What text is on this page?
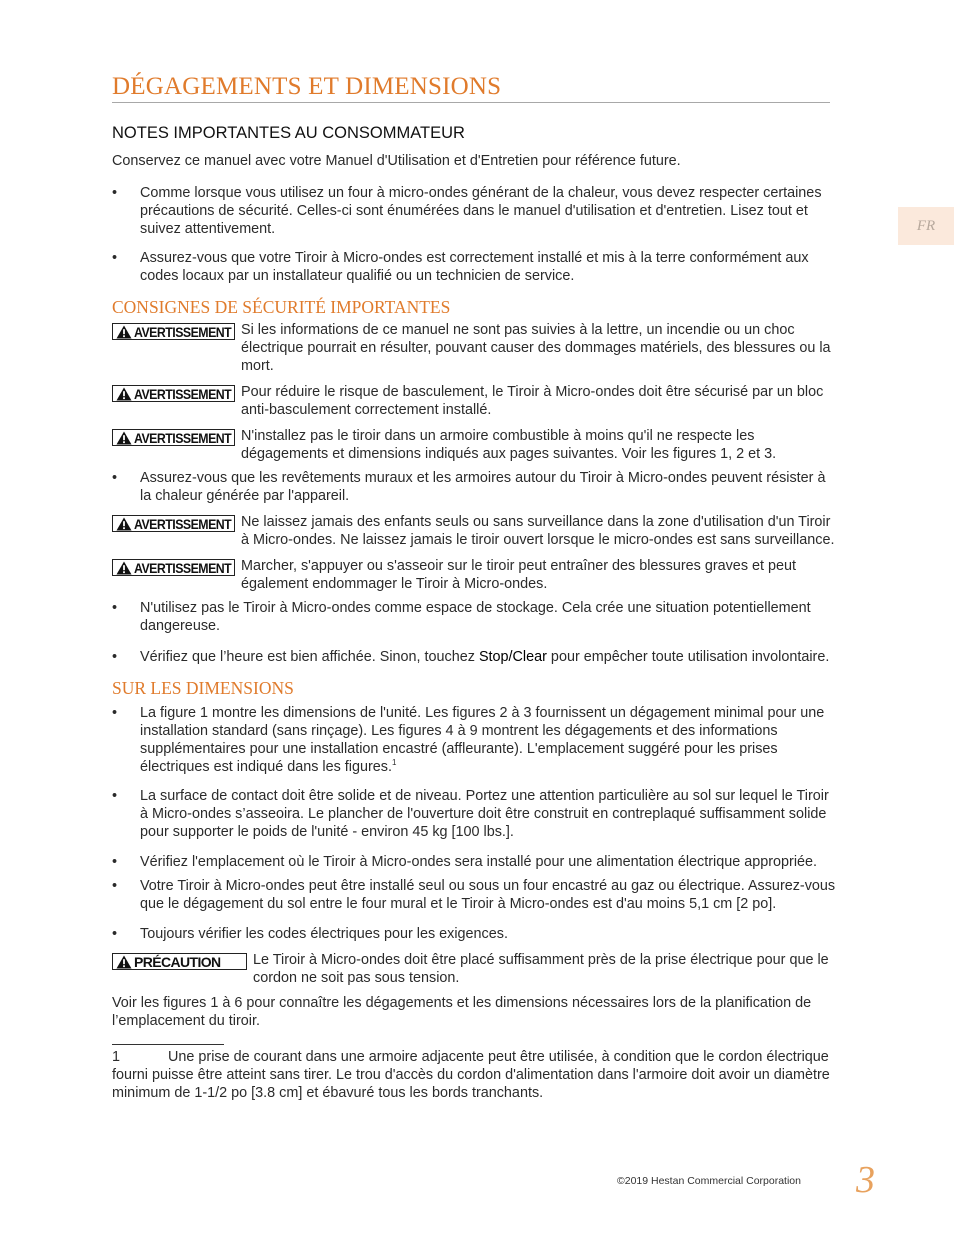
DÉGAGEMENTS ET DIMENSIONS
FR
NOTES IMPORTANTES AU CONSOMMATEUR

Conservez ce manuel avec votre Manuel d'Utilisation et d'Entretien pour référence future.

•	Comme lorsque vous utilisez un four à micro-ondes générant de la chaleur, vous devez respecter certaines précautions de sécurité. Celles-ci sont énumérées dans le manuel d'utilisation et d'entretien. Lisez tout et suivez attentivement.
•	Assurez-vous que votre Tiroir à Micro-ondes est correctement installé et mis à la terre conformément aux codes locaux par un installateur qualifié ou un technicien de service.
CONSIGNES DE SÉCURITÉ IMPORTANTES
AVERTISSEMENT Si les informations de ce manuel ne sont pas suivies à la lettre, un incendie ou un choc électrique pourrait en résulter, pouvant causer des dommages matériels, des blessures ou la mort.
AVERTISSEMENT Pour réduire le risque de basculement, le Tiroir à Micro-ondes doit être sécurisé par un bloc anti-basculement correctement installé.
AVERTISSEMENT N'installez pas le tiroir dans un armoire combustible à moins qu'il ne respecte les dégagements et dimensions indiqués aux pages suivantes. Voir les figures 1, 2 et 3.
•	Assurez-vous que les revêtements muraux et les armoires autour du Tiroir à Micro-ondes peuvent résister à la chaleur générée par l'appareil.
AVERTISSEMENT Ne laissez jamais des enfants seuls ou sans surveillance dans la zone d'utilisation d'un Tiroir à Micro-ondes. Ne laissez jamais le tiroir ouvert lorsque le micro-ondes est sans surveillance.
AVERTISSEMENT Marcher, s'appuyer ou s'asseoir sur le tiroir peut entraîner des blessures graves et peut également endommager le Tiroir à Micro-ondes.
•	N'utilisez pas le Tiroir à Micro-ondes comme espace de stockage. Cela crée une situation potentiellement dangereuse.
•	Vérifiez que l’heure est bien affichée. Sinon, touchez Stop/Clear pour empêcher toute utilisation involontaire.
SUR LES DIMENSIONS
•	La figure 1 montre les dimensions de l'unité. Les figures 2 à 3 fournissent un dégagement minimal pour une installation standard (sans rinçage). Les figures 4 à 9 montrent les dégagements et des informations supplémentaires pour une installation encastré (affleurante). L'emplacement suggéré pour les prises électriques est indiqué dans les figures.$^1$
•	La surface de contact doit être solide et de niveau. Portez une attention particulière au sol sur lequel le Tiroir à Micro-ondes s’asseoira. Le plancher de l'ouverture doit être construit en contreplaqué suffisamment solide pour supporter le poids de l'unité - environ 45 kg [100 lbs.].
•	Vérifiez l'emplacement où le Tiroir à Micro-ondes sera installé pour une alimentation électrique appropriée.
•	Votre Tiroir à Micro-ondes peut être installé seul ou sous un four encastré au gaz ou électrique. Assurez-vous que le dégagement du sol entre le four mural et le Tiroir à Micro-ondes est d'au moins 5,1 cm [2 po].
•	Toujours vérifier les codes électriques pour les exigences.
PRÉCAUTION Le Tiroir à Micro-ondes doit être placé suffisamment près de la prise électrique pour que le cordon ne soit pas sous tension.

Voir les figures 1 à 6 pour connaître les dégagements et les dimensions nécessaires lors de la planification de l’emplacement du tiroir.

1	Une prise de courant dans une armoire adjacente peut être utilisée, à condition que le cordon électrique fourni puisse être atteint sans tirer. Le trou d'accès du cordon d'alimentation dans l'armoire doit avoir un diamètre minimum de 1-1/2 po [3.8 cm] et ébavuré tous les bords tranchants.
©2019 Hestan Commercial Corporation 3
